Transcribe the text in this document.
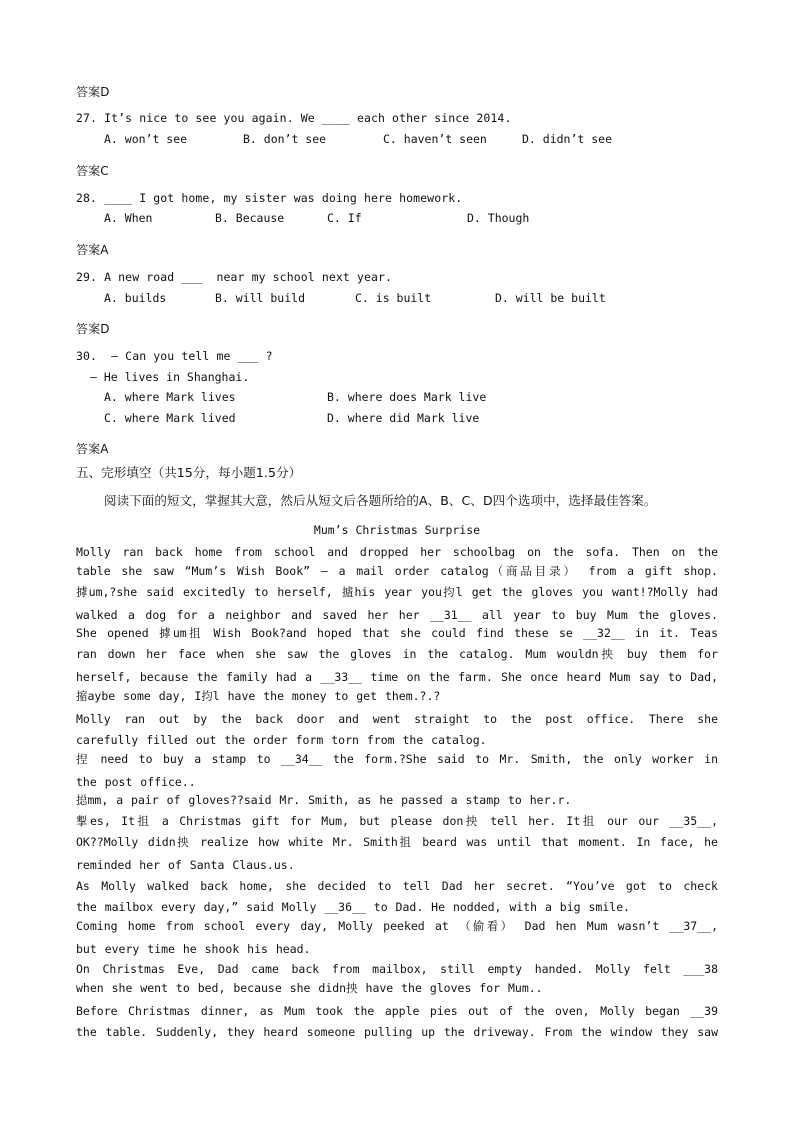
答案D
27. It’s nice to see you again. We ____ each other since 2014.
A. won’t see	B. don’t see	C. haven’t seen	D. didn’t see
答案C
28. ____ I got home, my sister was doing here homework.
A. When	B. Because	C. If	D. Though
答案A
29. A new road ___  near my school next year.
A. builds	B. will build	C. is built	D. will be built
答案D
30.  – Can you tell me ___ ?
– He lives in Shanghai.
A. where Mark lives	B. where does Mark live
C. where Mark lived	D. where did Mark live
答案A
五、完形填空（共15分，每小题1.5分）
阅读下面的短文，掌握其大意，然后从短文后各题所给的A、B、C、D四个选项中，选择最佳答案。
Mum’s Christmas Surprise
Molly ran back home from school and dropped her schoolbag on the sofa. Then on the
table she saw “Mum’s Wish Book” – a mail order catalog（商品目录） from a gift shop.
摢um,?she said excitedly to herself, 摣his year you抣l get the gloves you want!?Molly had
walked a dog for a neighbor and saved her her __31__ all year to buy Mum the gloves.
She opened 摢um抯 Wish Book?and hoped that she could find these se __32__ in it. Teas
ran down her face when she saw the gloves in the catalog. Mum wouldn抰 buy them for
herself, because the family had a __33__ time on the farm. She once heard Mum say to Dad,
摍aybe some day, I抣l have the money to get them.?.?
Molly ran out by the back door and went straight to the post office. There she
carefully filled out the order form torn from the catalog.
揑 need to buy a stamp to __34__ the form.?She said to Mr. Smith, the only worker in
the post office..
搃mm, a pair of gloves??said Mr. Smith, as he passed a stamp to her.r.
揧es, It抯 a Christmas gift for Mum, but please don抰 tell her. It抯 our our __35__,
OK??Molly didn抰 realize how white Mr. Smith抯 beard was until that moment. In face, he
reminded her of Santa Claus.us.
As Molly walked back home, she decided to tell Dad her secret. “You’ve got to check
the mailbox every day,” said Molly __36__ to Dad. He nodded, with a big smile.
Coming home from school every day, Molly peeked at （偷看） Dad hen Mum wasn’t __37__,
but every time he shook his head.
On Christmas Eve, Dad came back from mailbox, still empty handed. Molly felt ___38
when she went to bed, because she didn抰 have the gloves for Mum..
Before Christmas dinner, as Mum took the apple pies out of the oven, Molly began __39
the table. Suddenly, they heard someone pulling up the driveway. From the window they saw
